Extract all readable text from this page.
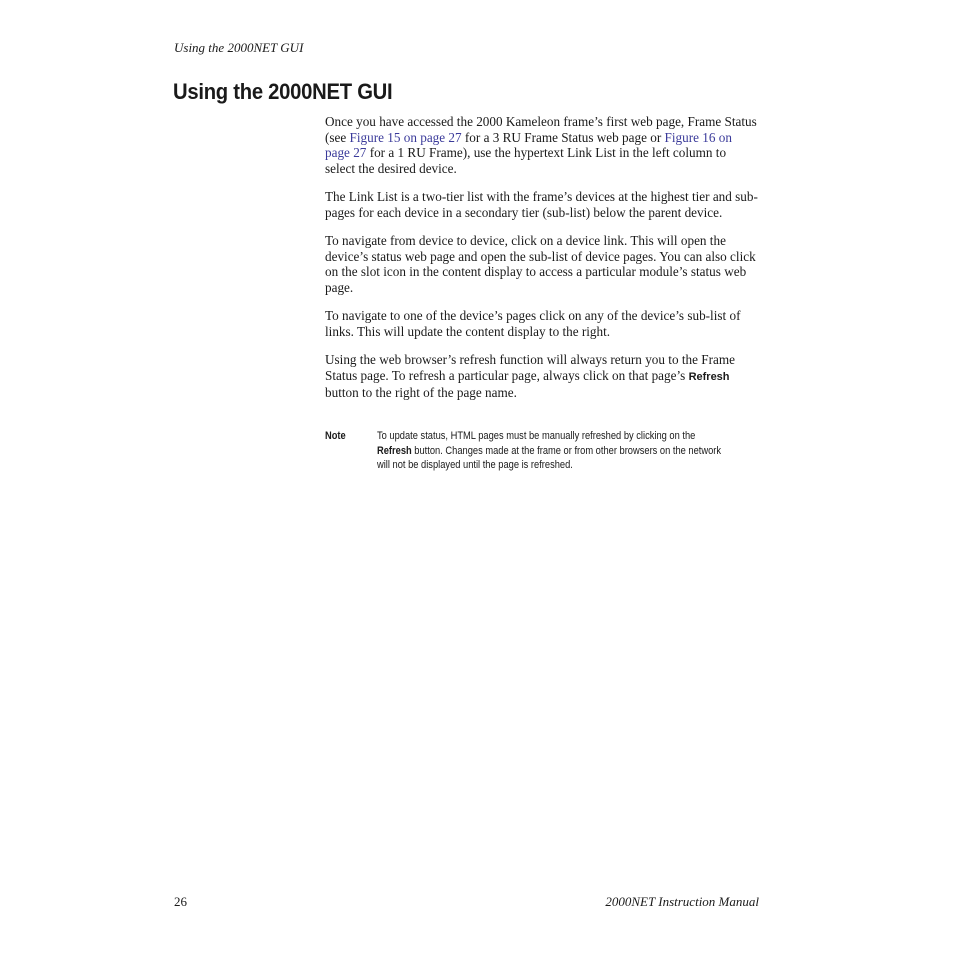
Using the 2000NET GUI
Using the 2000NET GUI

Once you have accessed the 2000 Kameleon frame’s first web page, Frame Status (see Figure 15 on page 27 for a 3 RU Frame Status web page or Figure 16 on page 27 for a 1 RU Frame), use the hypertext Link List in the left column to select the desired device.

The Link List is a two-tier list with the frame’s devices at the highest tier and sub-pages for each device in a secondary tier (sub-list) below the parent device.

To navigate from device to device, click on a device link. This will open the device’s status web page and open the sub-list of device pages. You can also click on the slot icon in the content display to access a particular module’s status web page.

To navigate to one of the device’s pages click on any of the device’s sub-list of links. This will update the content display to the right.

Using the web browser’s refresh function will always return you to the Frame Status page. To refresh a particular page, always click on that page’s Refresh button to the right of the page name.

Note	To update status, HTML pages must be manually refreshed by clicking on the Refresh button. Changes made at the frame or from other browsers on the network will not be displayed until the page is refreshed.
26	2000NET Instruction Manual
